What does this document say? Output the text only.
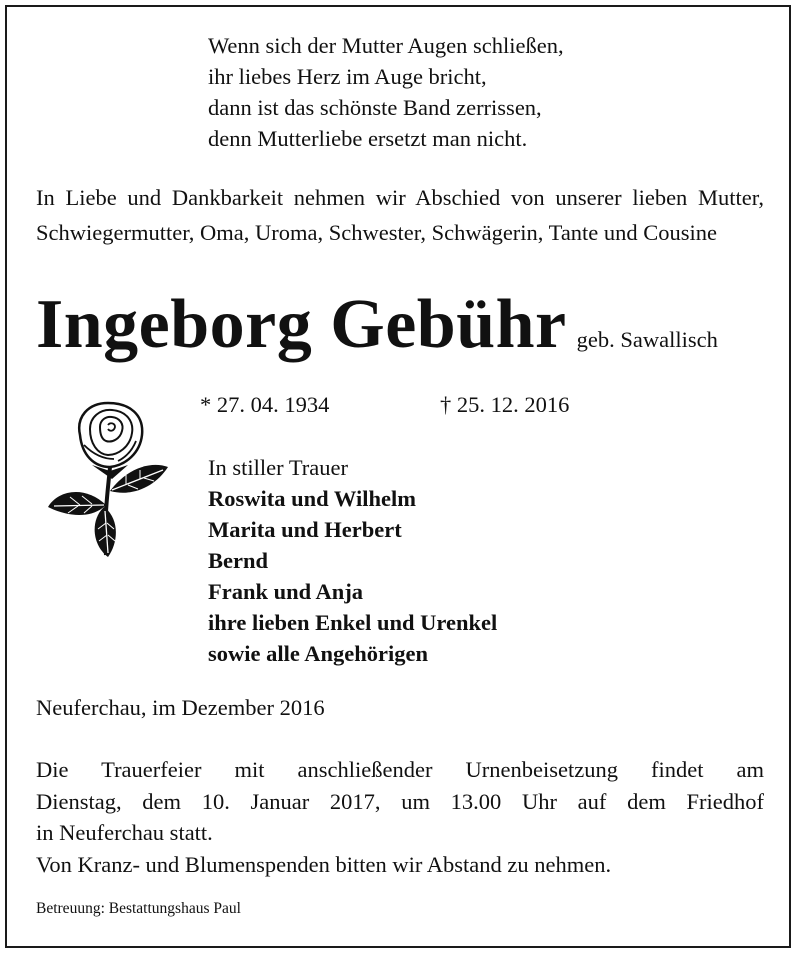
Wenn sich der Mutter Augen schließen,
ihr liebes Herz im Auge bricht,
dann ist das schönste Band zerrissen,
denn Mutterliebe ersetzt man nicht.
In Liebe und Dankbarkeit nehmen wir Abschied von unserer lieben Mutter, Schwiegermutter, Oma, Uroma, Schwester, Schwägerin, Tante und Cousine
Ingeborg Gebühr geb. Sawallisch
* 27. 04. 1934	† 25. 12. 2016
In stiller Trauer
Roswita und Wilhelm
Marita und Herbert
Bernd
Frank und Anja
ihre lieben Enkel und Urenkel
sowie alle Angehörigen
Neuferchau, im Dezember 2016
Die Trauerfeier mit anschließender Urnenbeisetzung findet am
Dienstag, dem 10. Januar 2017, um 13.00 Uhr auf dem Friedhof
in Neuferchau statt.
Von Kranz- und Blumenspenden bitten wir Abstand zu nehmen.
Betreuung: Bestattungshaus Paul
